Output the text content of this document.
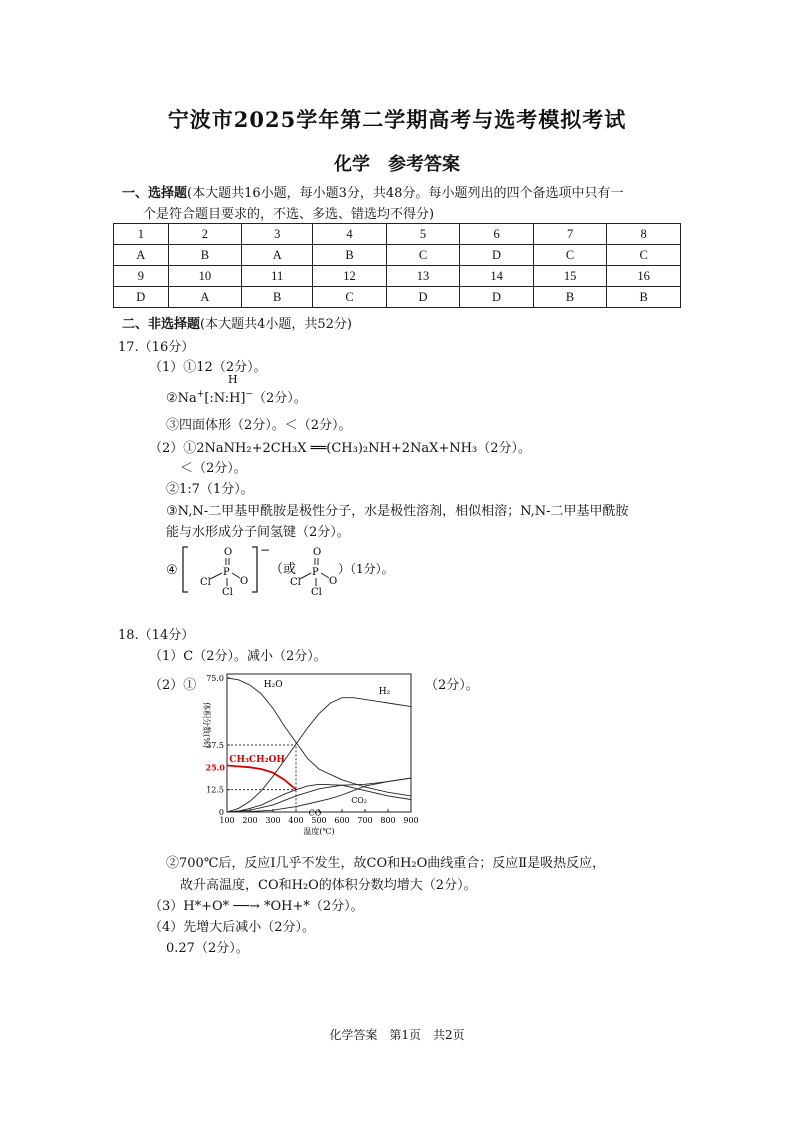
宁波市2025学年第二学期高考与选考模拟考试
化学　参考答案
一、选择题(本大题共16小题，每小题3分，共48分。每小题列出的四个备选项中只有一
个是符合题目要求的，不选、多选、错选均不得分)
1	2	3	4	5	6	7	8
A	B	A	B	C	D	C	C
9	10	11	12	13	14	15	16
D	A	B	C	D	D	B	B
二、非选择题(本大题共4小题，共52分)
17.（16分）
（1）①12（2分）。
H
②Na+[:N:H]−（2分）。
③四面体形（2分）。＜（2分）。
（2）①2NaNH₂+2CH₃X ══(CH₃)₂NH+2NaX+NH₃（2分）。
＜（2分）。
②1:7（1分）。
③N,N-二甲基甲酰胺是极性分子，水是极性溶剂，相似相溶；N,N-二甲基甲酰胺
能与水形成分子间氢键（2分）。
④
−
O
P
Cl	O
Cl
（或
O
P
Cl	O
Cl
）（1分）。
18.（14分）
（1）C（2分）。减小（2分）。
（2）①	（2分）。
100 200 300 400 500 600 700 800 900
0
12.5
37.5
75.0
25.0
H₂O
H₂
CH₃CH₂OH
CO
CO₂
温度(℃)
体积分数(%)
②700℃后，反应Ⅰ几乎不发生，故CO和H₂O曲线重合；反应Ⅱ是吸热反应，
故升高温度，CO和H₂O的体积分数均增大（2分）。
（3）H*+O* ──→ *OH+*（2分）。
（4）先增大后减小（2分）。
0.27（2分）。
化学答案　第1页　共2页
